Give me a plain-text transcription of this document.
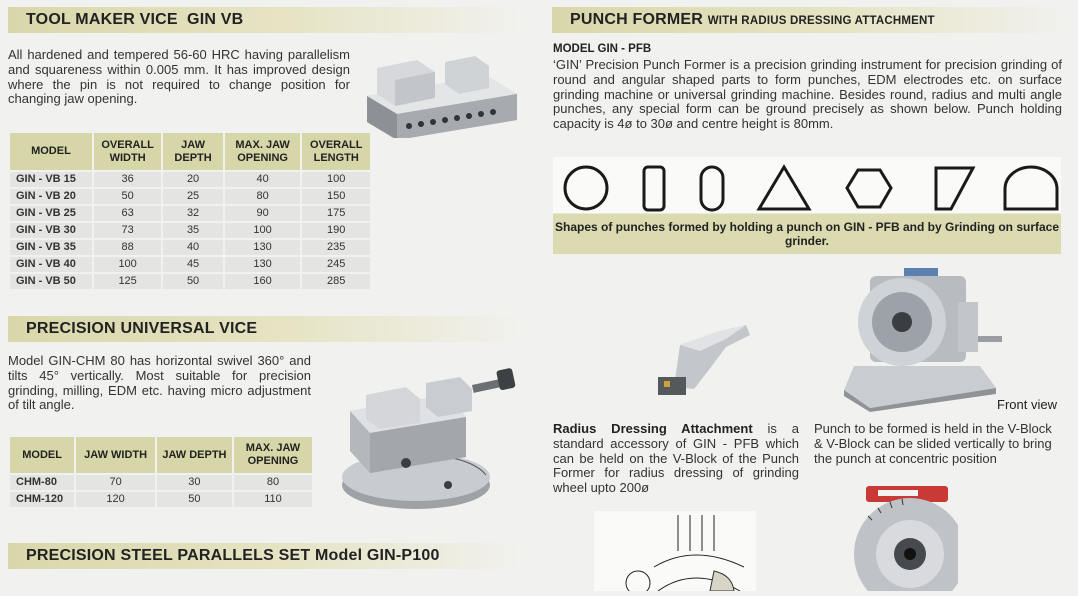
TOOL MAKER VICE  GIN VB
All hardened and tempered 56-60 HRC having parallelism and squareness within 0.005 mm. It has improved design where the pin is not required to change position for changing jaw opening.
MODEL	OVERALL WIDTH	JAW DEPTH	MAX. JAW OPENING	OVERALL LENGTH
GIN - VB 15	36	20	40	100
GIN - VB 20	50	25	80	150
GIN - VB 25	63	32	90	175
GIN - VB 30	73	35	100	190
GIN - VB 35	88	40	130	235
GIN - VB 40	100	45	130	245
GIN - VB 50	125	50	160	285
PRECISION UNIVERSAL VICE
Model GIN-CHM 80 has horizontal swivel 360° and tilts 45° vertically. Most suitable for precision grinding, milling, EDM etc. having micro adjustment of tilt angle.
MODEL	JAW WIDTH	JAW DEPTH	MAX. JAW OPENING
CHM-80	70	30	80
CHM-120	120	50	110
PRECISION STEEL PARALLELS SET Model GIN-P100
PUNCH FORMER WITH RADIUS DRESSING ATTACHMENT
MODEL GIN - PFB
‘GIN’ Precision Punch Former is a precision grinding instrument for precision grinding of round and angular shaped parts to form punches, EDM electrodes etc. on surface grinding machine or universal grinding machine. Besides round, radius and multi angle punches, any special form can be ground precisely as shown below. Punch holding capacity is 4ø to 30ø and centre height is 80mm.
Shapes of punches formed by holding a punch on GIN - PFB and by Grinding on surface grinder.
Front view
Radius Dressing Attachment is a standard accessory of GIN - PFB which can be held on the V-Block of the Punch Former for radius dressing of grinding wheel upto 200ø
Punch to be formed is held in the V-Block & V-Block can be slided vertically to bring the punch at concentric position
